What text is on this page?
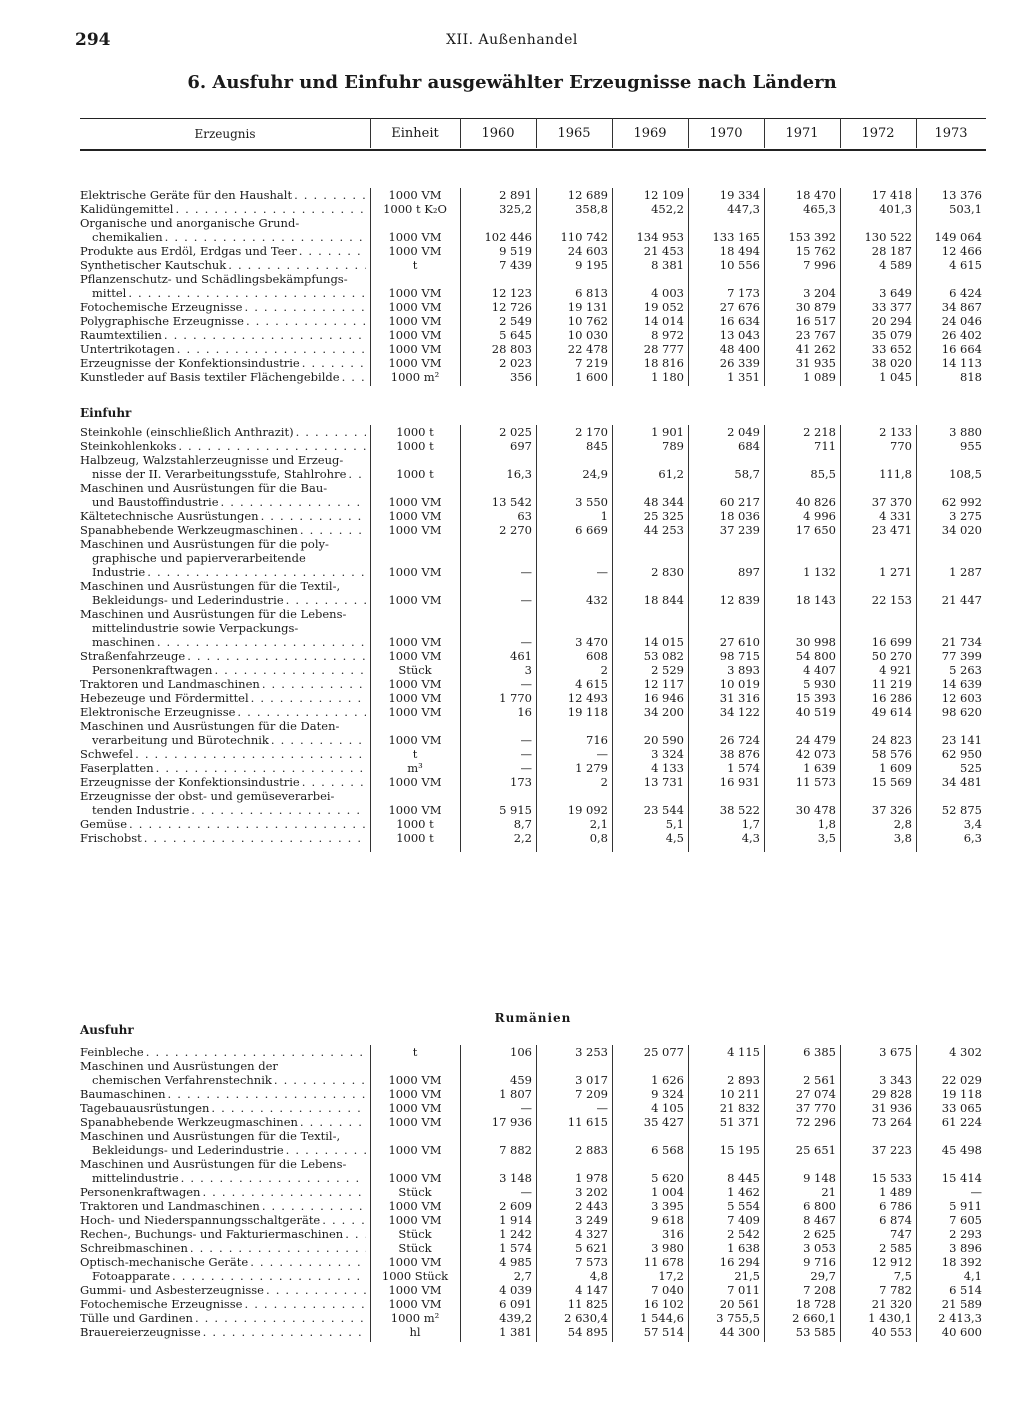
294	XII. Außenhandel
6. Ausfuhr und Einfuhr ausgewählter Erzeugnisse nach Ländern
Erzeugnis	Einheit	1960	1965	1969	1970	1971	1972	1973
Elektrische Geräte für den Haushalt . . .	1000 VM	2 891	12 689	12 109	19 334	18 470	17 418	13 376
Kalidüngemittel . . .	1000 t K₂O	325,2	358,8	452,2	447,3	465,3	401,3	503,1
Organische und anorganische Grund-
chemikalien . . .	1000 VM	102 446	110 742	134 953	133 165	153 392	130 522	149 064
Produkte aus Erdöl, Erdgas und Teer . . .	1000 VM	9 519	24 603	21 453	18 494	15 762	28 187	12 466
Synthetischer Kautschuk . . .	t	7 439	9 195	8 381	10 556	7 996	4 589	4 615
Pflanzenschutz- und Schädlingsbekämpfungs-
mittel . . .	1000 VM	12 123	6 813	4 003	7 173	3 204	3 649	6 424
Fotochemische Erzeugnisse . . .	1000 VM	12 726	19 131	19 052	27 676	30 879	33 377	34 867
Polygraphische Erzeugnisse . . .	1000 VM	2 549	10 762	14 014	16 634	16 517	20 294	24 046
Raumtextilien . . .	1000 VM	5 645	10 030	8 972	13 043	23 767	35 079	26 402
Untertrikotagen . . .	1000 VM	28 803	22 478	28 777	48 400	41 262	33 652	16 664
Erzeugnisse der Konfektionsindustrie . . .	1000 VM	2 023	7 219	18 816	26 339	31 935	38 020	14 113
Kunstleder auf Basis textiler Flächengebilde . . .	1000 m²	356	1 600	1 180	1 351	1 089	1 045	818
Einfuhr
Steinkohle (einschließlich Anthrazit) . . .	1000 t	2 025	2 170	1 901	2 049	2 218	2 133	3 880
Steinkohlenkoks . . .	1000 t	697	845	789	684	711	770	955
Halbzeug, Walzstahlerzeugnisse und Erzeug-
nisse der II. Verarbeitungsstufe, Stahlrohre . . .	1000 t	16,3	24,9	61,2	58,7	85,5	111,8	108,5
Maschinen und Ausrüstungen für die Bau-
und Baustoffindustrie . . .	1000 VM	13 542	3 550	48 344	60 217	40 826	37 370	62 992
Kältetechnische Ausrüstungen . . .	1000 VM	63	1	25 325	18 036	4 996	4 331	3 275
Spanabhebende Werkzeugmaschinen . . .	1000 VM	2 270	6 669	44 253	37 239	17 650	23 471	34 020
Maschinen und Ausrüstungen für die poly-
graphische und papierverarbeitende
Industrie . . .	1000 VM	—	—	2 830	897	1 132	1 271	1 287
Maschinen und Ausrüstungen für die Textil-,
Bekleidungs- und Lederindustrie . . .	1000 VM	—	432	18 844	12 839	18 143	22 153	21 447
Maschinen und Ausrüstungen für die Lebens-
mittelindustrie sowie Verpackungs-
maschinen . . .	1000 VM	—	3 470	14 015	27 610	30 998	16 699	21 734
Straßenfahrzeuge . . .	1000 VM	461	608	53 082	98 715	54 800	50 270	77 399
Personenkraftwagen . . .	Stück	3	2	2 529	3 893	4 407	4 921	5 263
Traktoren und Landmaschinen . . .	1000 VM	—	4 615	12 117	10 019	5 930	11 219	14 639
Hebezeuge und Fördermittel . . .	1000 VM	1 770	12 493	16 946	31 316	15 393	16 286	12 603
Elektronische Erzeugnisse . . .	1000 VM	16	19 118	34 200	34 122	40 519	49 614	98 620
Maschinen und Ausrüstungen für die Daten-
verarbeitung und Bürotechnik . . .	1000 VM	—	716	20 590	26 724	24 479	24 823	23 141
Schwefel . . .	t	—	—	3 324	38 876	42 073	58 576	62 950
Faserplatten . . .	m³	—	1 279	4 133	1 574	1 639	1 609	525
Erzeugnisse der Konfektionsindustrie . . .	1000 VM	173	2	13 731	16 931	11 573	15 569	34 481
Erzeugnisse der obst- und gemüseverarbei-
tenden Industrie . . .	1000 VM	5 915	19 092	23 544	38 522	30 478	37 326	52 875
Gemüse . . .	1000 t	8,7	2,1	5,1	1,7	1,8	2,8	3,4
Frischobst . . .	1000 t	2,2	0,8	4,5	4,3	3,5	3,8	6,3
Rumänien
Ausfuhr
Feinbleche . . .	t	106	3 253	25 077	4 115	6 385	3 675	4 302
Maschinen und Ausrüstungen der
chemischen Verfahrenstechnik . . .	1000 VM	459	3 017	1 626	2 893	2 561	3 343	22 029
Baumaschinen . . .	1000 VM	1 807	7 209	9 324	10 211	27 074	29 828	19 118
Tagebauausrüstungen . . .	1000 VM	—	—	4 105	21 832	37 770	31 936	33 065
Spanabhebende Werkzeugmaschinen . . .	1000 VM	17 936	11 615	35 427	51 371	72 296	73 264	61 224
Maschinen und Ausrüstungen für die Textil-,
Bekleidungs- und Lederindustrie . . .	1000 VM	7 882	2 883	6 568	15 195	25 651	37 223	45 498
Maschinen und Ausrüstungen für die Lebens-
mittelindustrie . . .	1000 VM	3 148	1 978	5 620	8 445	9 148	15 533	15 414
Personenkraftwagen . . .	Stück	—	3 202	1 004	1 462	21	1 489	—
Traktoren und Landmaschinen . . .	1000 VM	2 609	2 443	3 395	5 554	6 800	6 786	5 911
Hoch- und Niederspannungsschaltgeräte . . .	1000 VM	1 914	3 249	9 618	7 409	8 467	6 874	7 605
Rechen-, Buchungs- und Fakturiermaschinen . . .	Stück	1 242	4 327	316	2 542	2 625	747	2 293
Schreibmaschinen . . .	Stück	1 574	5 621	3 980	1 638	3 053	2 585	3 896
Optisch-mechanische Geräte . . .	1000 VM	4 985	7 573	11 678	16 294	9 716	12 912	18 392
Fotoapparate . . .	1000 Stück	2,7	4,8	17,2	21,5	29,7	7,5	4,1
Gummi- und Asbesterzeugnisse . . .	1000 VM	4 039	4 147	7 040	7 011	7 208	7 782	6 514
Fotochemische Erzeugnisse . . .	1000 VM	6 091	11 825	16 102	20 561	18 728	21 320	21 589
Tülle und Gardinen . . .	1000 m²	439,2	2 630,4	1 544,6	3 755,5	2 660,1	1 430,1	2 413,3
Brauereierzeugnisse . . .	hl	1 381	54 895	57 514	44 300	53 585	40 553	40 600
